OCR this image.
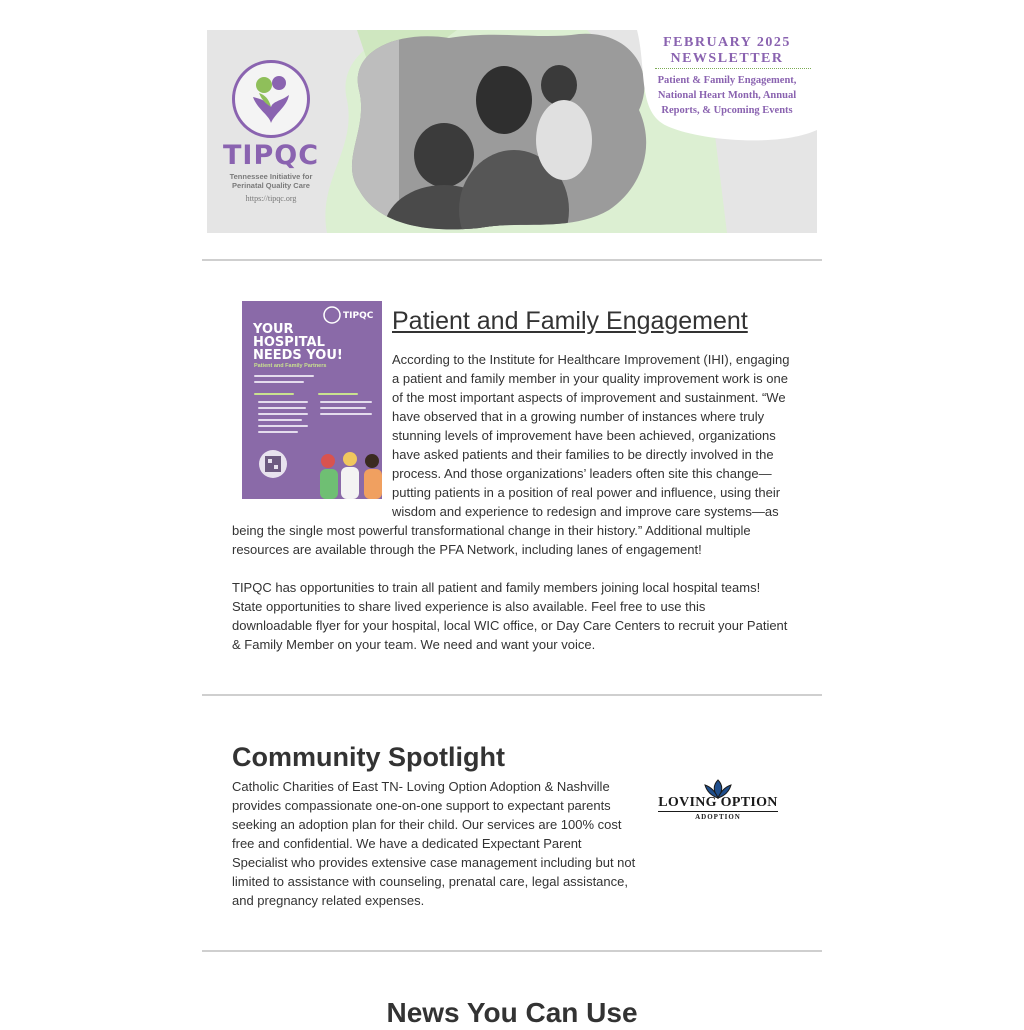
TIPQC
Tennessee Initiative for
Perinatal Quality Care
https://tipqc.org
FEBRUARY 2025
NEWSLETTER
Patient & Family Engagement,
National Heart Month, Annual
Reports, & Upcoming Events
TIPQC
YOUR
HOSPITAL
NEEDS YOU!
Patient and Family Partners
Patient and Family Engagement
According to the Institute for Healthcare Improvement (IHI), engaging
a patient and family member in your quality improvement work is one
of the most important aspects of improvement and sustainment. “We
have observed that in a growing number of instances where truly
stunning levels of improvement have been achieved, organizations
have asked patients and their families to be directly involved in the
process. And those organizations’ leaders often site this change—
putting patients in a position of real power and influence, using their
wisdom and experience to redesign and improve care systems—as
being the single most powerful transformational change in their history.” Additional multiple
resources are available through the PFA Network, including lanes of engagement!
TIPQC has opportunities to train all patient and family members joining local hospital teams!
State opportunities to share lived experience is also available. Feel free to use this
downloadable flyer for your hospital, local WIC office, or Day Care Centers to recruit your Patient
& Family Member on your team. We need and want your voice.
Community Spotlight
Catholic Charities of East TN- Loving Option Adoption & Nashville
provides compassionate one-on-one support to expectant parents
seeking an adoption plan for their child. Our services are 100% cost
free and confidential. We have a dedicated Expectant Parent
Specialist who provides extensive case management including but not
limited to assistance with counseling, prenatal care, legal assistance,
and pregnancy related expenses.
LOVING OPTION
ADOPTION
News You Can Use
